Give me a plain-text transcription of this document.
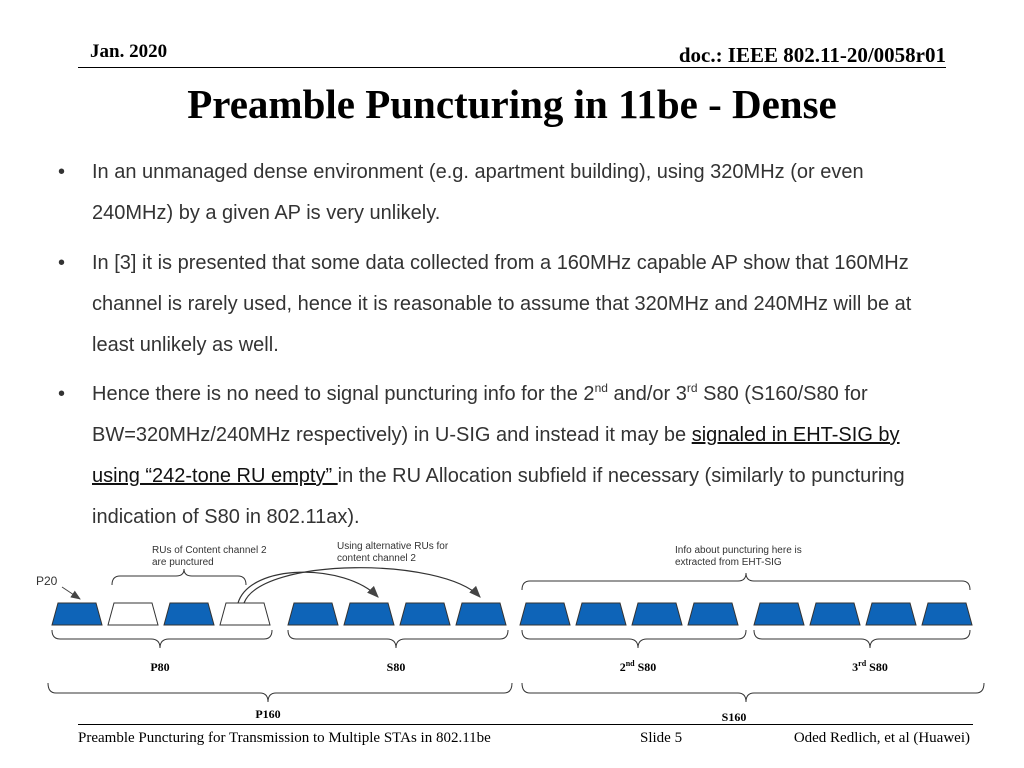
Jan. 2020	doc.: IEEE 802.11-20/0058r01
Preamble Puncturing in 11be - Dense
• In an unmanaged dense environment (e.g. apartment building), using 320MHz (or even 240MHz) by a given AP is very unlikely.
• In [3] it is presented that some data collected from a 160MHz capable AP show that 160MHz channel is rarely used, hence it is reasonable to assume that 320MHz and 240MHz will be at least unlikely as well.
• Hence there is no need to signal puncturing info for the 2nd and/or 3rd S80 (S160/S80 for BW=320MHz/240MHz respectively) in U-SIG and instead it may be signaled in EHT-SIG by using “242-tone RU empty” in the RU Allocation subfield if necessary (similarly to puncturing indication of S80 in 802.11ax).
P20
RUs of Content channel 2
are punctured
Using alternative RUs for
content channel 2
Info about puncturing here is
extracted from EHT-SIG
P80	S80	2nd S80	3rd S80
P160	S160
Preamble Puncturing for Transmission to Multiple STAs in 802.11be	Slide 5	Oded Redlich, et al (Huawei)
